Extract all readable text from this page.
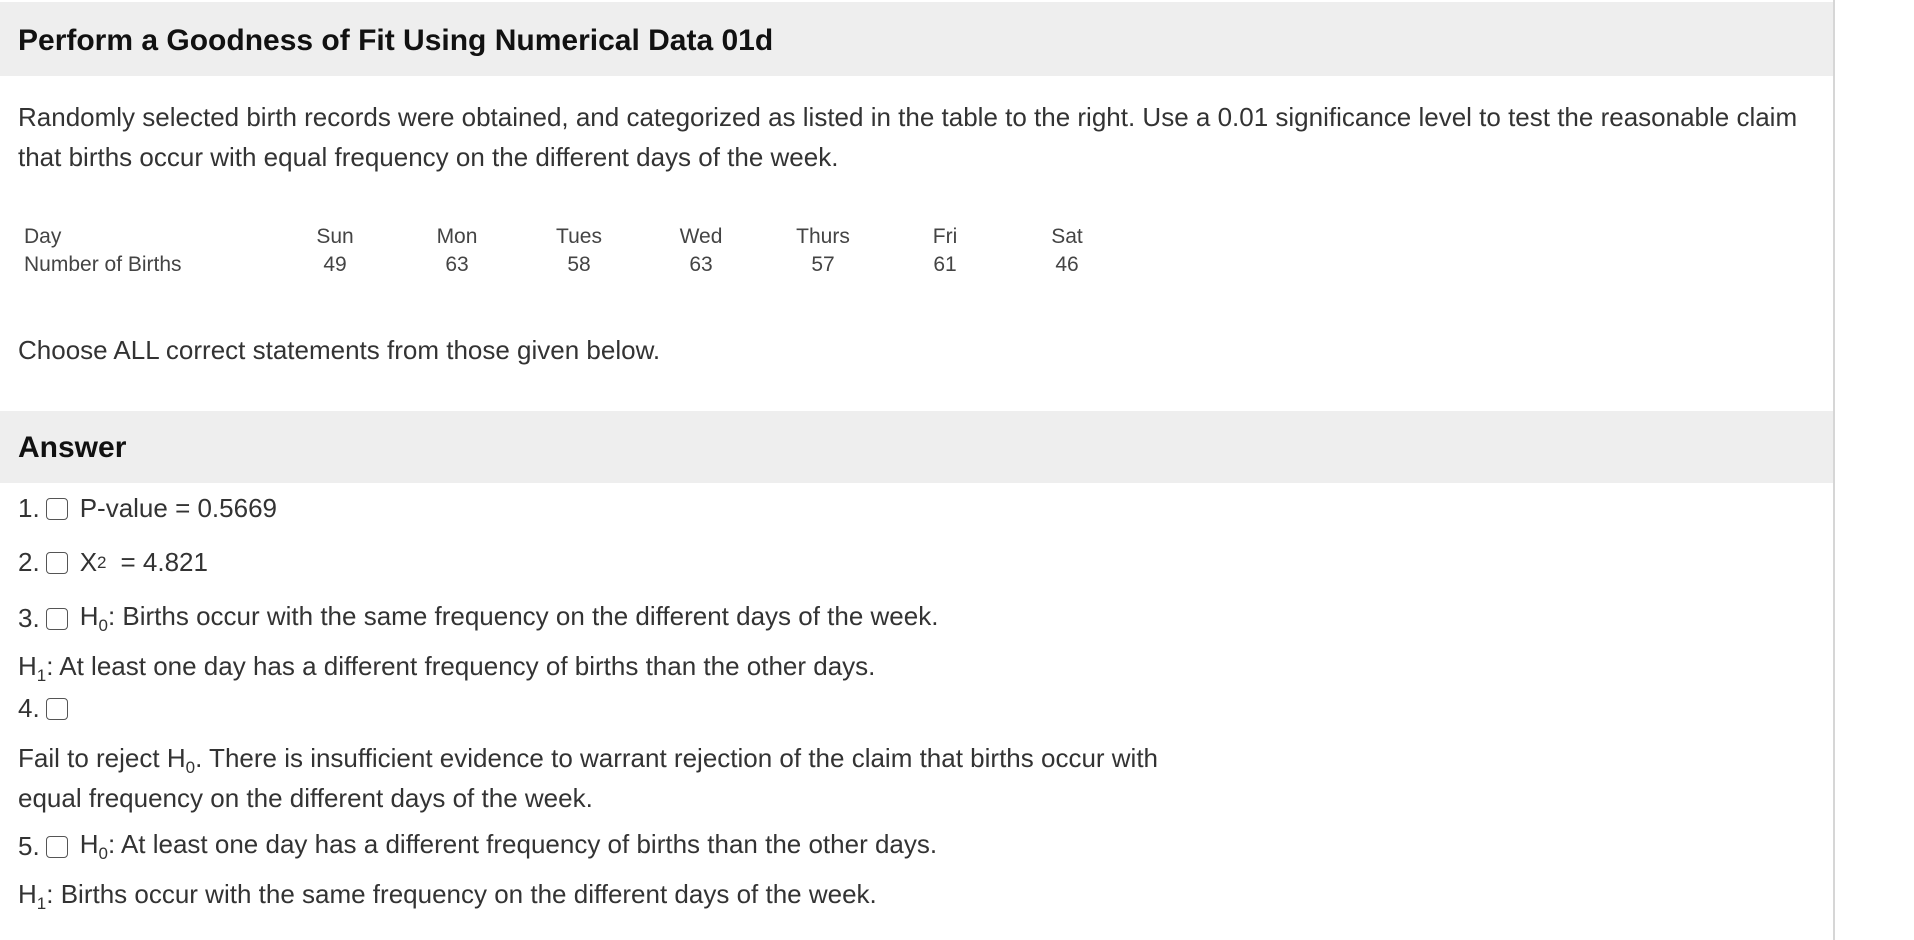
Perform a Goodness of Fit Using Numerical Data 01d
Randomly selected birth records were obtained, and categorized as listed in the table to the right. Use a 0.01 significance level to test the reasonable claim that births occur with equal frequency on the different days of the week.
Day	Sun	Mon	Tues	Wed	Thurs	Fri	Sat
Number of Births	49	63	58	63	57	61	46
Choose ALL correct statements from those given below.
Answer
1. P-value = 0.5669
2. X 2 = 4.821
3. $H_0$: Births occur with the same frequency on the different days of the week.
$H_1$: At least one day has a different frequency of births than the other days.
4.
Fail to reject $H_0$. There is insufficient evidence to warrant rejection of the claim that births occur with
equal frequency on the different days of the week.
5. $H_0$: At least one day has a different frequency of births than the other days.
$H_1$: Births occur with the same frequency on the different days of the week.
